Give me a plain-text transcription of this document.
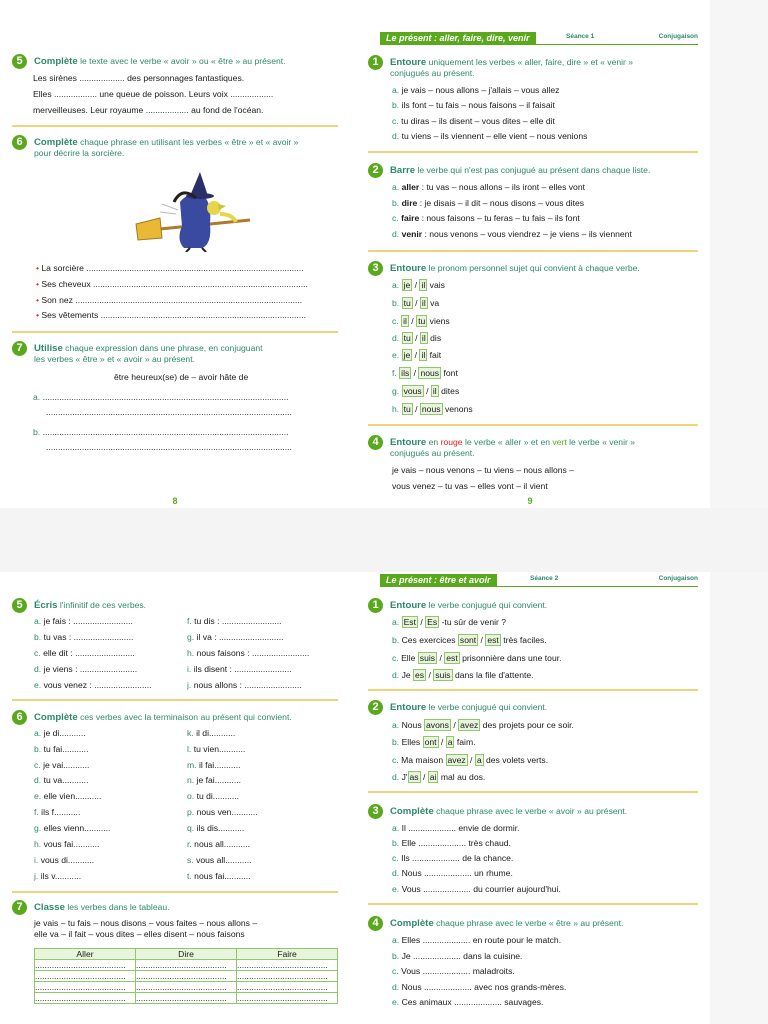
5	Complète le texte avec le verbe « avoir » ou « être » au présent.
Les sirènes ................... des personnages fantastiques.
Elles .................. une queue de poisson. Leurs voix ..................
merveilleuses. Leur royaume .................. au fond de l'océan.
6	Complète chaque phrase en utilisant les verbes « être » et « avoir »
pour décrire la sorcière.
• La sorcière ...........................................................................................
• Ses cheveux ..........................................................................................
• Son nez ...............................................................................................
• Ses vêtements ......................................................................................
7	Utilise chaque expression dans une phrase, en conjuguant
les verbes « être » et « avoir » au présent.
être heureux(se) de – avoir hâte de
a. .......................................................................................................
.......................................................................................................
b. .......................................................................................................
.......................................................................................................
8
Le présent : aller, faire, dire, venir	Séance 1	Conjugaison
1	Entoure uniquement les verbes « aller, faire, dire » et « venir »
conjugués au présent.
a. je vais – nous allons – j'allais – vous allez
b. ils font – tu fais – nous faisons – il faisait
c. tu diras – ils disent – vous dites – elle dit
d. tu viens – ils viennent – elle vient – nous venions
2	Barre le verbe qui n'est pas conjugué au présent dans chaque liste.
a. aller : tu vas – nous allons – ils iront – elles vont
b. dire : je disais – il dit – nous disons – vous dites
c. faire : nous faisons – tu feras – tu fais – ils font
d. venir : nous venons – vous viendrez – je viens – ils viennent
3	Entoure le pronom personnel sujet qui convient à chaque verbe.
a. je / il vais
b. tu / il va
c. il / tu viens
d. tu / il dis
e. je / il fait
f. ils / nous font
g. vous / il dites
h. tu / nous venons
4	Entoure en rouge le verbe « aller » et en vert le verbe « venir »
conjugués au présent.
je vais – nous venons – tu viens – nous allons –
vous venez – tu vas – elles vont – il vient
9
5	Écris l'infinitif de ces verbes.
a. je fais : .........................
b. tu vas : .........................
c. elle dit : .........................
d. je viens : ........................
e. vous venez : ........................
f. tu dis : .........................
g. il va : ...........................
h. nous faisons : ........................
i. ils disent : ........................
j. nous allons : ........................
6	Complète ces verbes avec la terminaison au présent qui convient.
a. je di...........
b. tu fai...........
c. je vai...........
d. tu va...........
e. elle vien...........
f. ils f...........
g. elles vienn...........
h. vous fai...........
i. vous di...........
j. ils v...........
k. il di...........
l. tu vien...........
m. il fai...........
n. je fai...........
o. tu di...........
p. nous ven...........
q. ils dis...........
r. nous all...........
s. vous all...........
t. nous fai...........
7	Classe les verbes dans le tableau.
je vais – tu fais – nous disons – vous faites – nous allons –
elle va – il fait – vous dites – elles disent – nous faisons
Aller	Dire	Faire
......................................	......................................	......................................
......................................	......................................	......................................
......................................	......................................	......................................
......................................	......................................	......................................
Le présent : être et avoir	Séance 2	Conjugaison
1	Entoure le verbe conjugué qui convient.
a. Est / Es -tu sûr de venir ?
b. Ces exercices sont / est très faciles.
c. Elle suis / est prisonnière dans une tour.
d. Je es / suis dans la file d'attente.
2	Entoure le verbe conjugué qui convient.
a. Nous avons / avez des projets pour ce soir.
b. Elles ont / a faim.
c. Ma maison avez / a des volets verts.
d. J' as / ai mal au dos.
3	Complète chaque phrase avec le verbe « avoir » au présent.
a. Il .................... envie de dormir.
b. Elle .................... très chaud.
c. Ils .................... de la chance.
d. Nous .................... un rhume.
e. Vous .................... du courrier aujourd'hui.
4	Complète chaque phrase avec le verbe « être » au présent.
a. Elles .................... en route pour le match.
b. Je .................... dans la cuisine.
c. Vous .................... maladroits.
d. Nous .................... avec nos grands-mères.
e. Ces animaux .................... sauvages.
